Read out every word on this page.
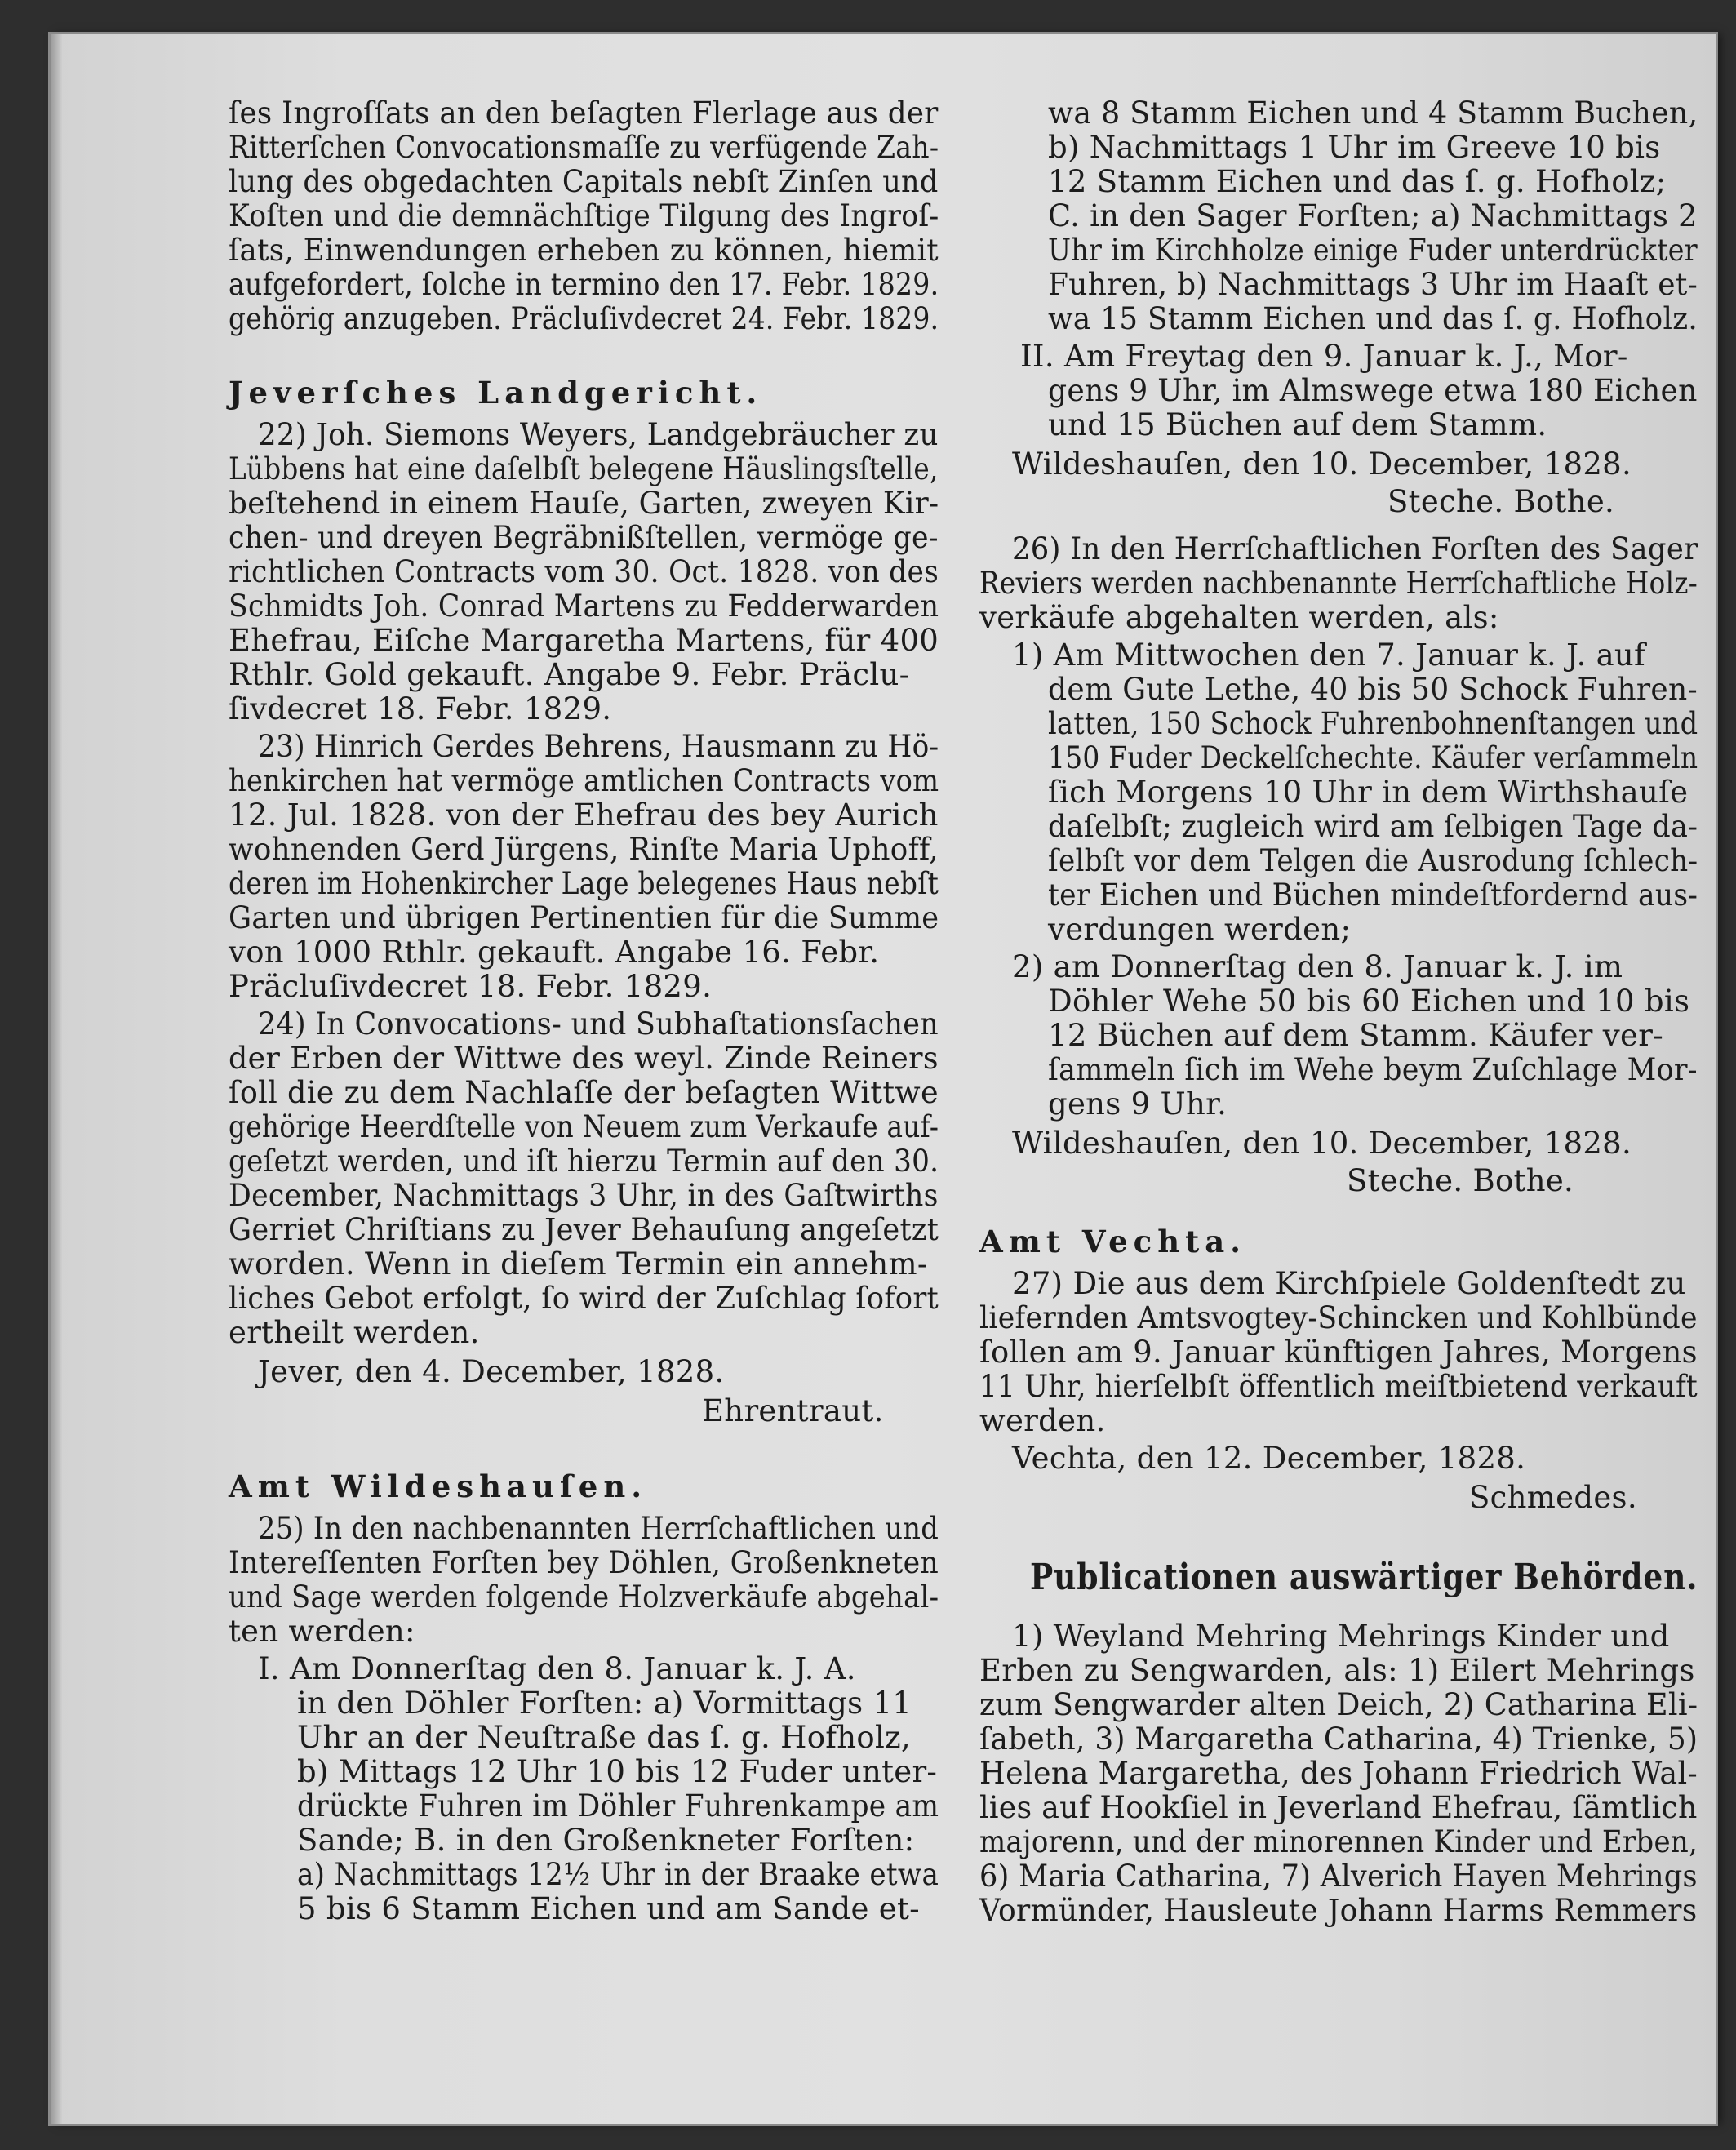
ſes Ingroſſats an den beſagten Flerlage aus der
Ritterſchen Convocationsmaſſe zu verfügende Zah-
lung des obgedachten Capitals nebſt Zinſen und
Koſten und die demnächſtige Tilgung des Ingroſ-
ſats, Einwendungen erheben zu können, hiemit
aufgefordert, ſolche in termino den 17. Febr. 1829.
gehörig anzugeben. Präcluſivdecret 24. Febr. 1829.
Jeverſches Landgericht.
22) Joh. Siemons Weyers, Landgebräucher zu
Lübbens hat eine daſelbſt belegene Häuslingsſtelle,
beſtehend in einem Hauſe, Garten, zweyen Kir-
chen- und dreyen Begräbnißſtellen, vermöge ge-
richtlichen Contracts vom 30. Oct. 1828. von des
Schmidts Joh. Conrad Martens zu Fedderwarden
Ehefrau, Eiſche Margaretha Martens, für 400
Rthlr. Gold gekauft. Angabe 9. Febr. Präclu-
ſivdecret 18. Febr. 1829.
23) Hinrich Gerdes Behrens, Hausmann zu Hö-
henkirchen hat vermöge amtlichen Contracts vom
12. Jul. 1828. von der Ehefrau des bey Aurich
wohnenden Gerd Jürgens, Rinſte Maria Uphoff,
deren im Hohenkircher Lage belegenes Haus nebſt
Garten und übrigen Pertinentien für die Summe
von 1000 Rthlr. gekauft. Angabe 16. Febr.
Präcluſivdecret 18. Febr. 1829.
24) In Convocations- und Subhaſtationsſachen
der Erben der Wittwe des weyl. Zinde Reiners
ſoll die zu dem Nachlaſſe der beſagten Wittwe
gehörige Heerdſtelle von Neuem zum Verkaufe auf-
geſetzt werden, und iſt hierzu Termin auf den 30.
December, Nachmittags 3 Uhr, in des Gaſtwirths
Gerriet Chriſtians zu Jever Behauſung angeſetzt
worden. Wenn in dieſem Termin ein annehm-
liches Gebot erfolgt, ſo wird der Zuſchlag ſofort
ertheilt werden.
Jever, den 4. December, 1828.
Ehrentraut.
Amt Wildeshauſen.
25) In den nachbenannten Herrſchaftlichen und
Intereſſenten Forſten bey Döhlen, Großenkneten
und Sage werden folgende Holzverkäufe abgehal-
ten werden:
I. Am Donnerſtag den 8. Januar k. J. A.
in den Döhler Forſten: a) Vormittags 11
Uhr an der Neuſtraße das ſ. g. Hofholz,
b) Mittags 12 Uhr 10 bis 12 Fuder unter-
drückte Fuhren im Döhler Fuhrenkampe am
Sande; B. in den Großenkneter Forſten:
a) Nachmittags 12½ Uhr in der Braake etwa
5 bis 6 Stamm Eichen und am Sande et-
wa 8 Stamm Eichen und 4 Stamm Buchen,
b) Nachmittags 1 Uhr im Greeve 10 bis
12 Stamm Eichen und das ſ. g. Hofholz;
C. in den Sager Forſten; a) Nachmittags 2
Uhr im Kirchholze einige Fuder unterdrückter
Fuhren, b) Nachmittags 3 Uhr im Haaſt et-
wa 15 Stamm Eichen und das ſ. g. Hofholz.
II. Am Freytag den 9. Januar k. J., Mor-
gens 9 Uhr, im Almswege etwa 180 Eichen
und 15 Büchen auf dem Stamm.
Wildeshauſen, den 10. December, 1828.
Steche. Bothe.
26) In den Herrſchaftlichen Forſten des Sager
Reviers werden nachbenannte Herrſchaftliche Holz-
verkäufe abgehalten werden, als:
1) Am Mittwochen den 7. Januar k. J. auf
dem Gute Lethe, 40 bis 50 Schock Fuhren-
latten, 150 Schock Fuhrenbohnenſtangen und
150 Fuder Deckelſchechte. Käufer verſammeln
ſich Morgens 10 Uhr in dem Wirthshauſe
daſelbſt; zugleich wird am ſelbigen Tage da-
ſelbſt vor dem Telgen die Ausrodung ſchlech-
ter Eichen und Büchen mindeſtfordernd aus-
verdungen werden;
2) am Donnerſtag den 8. Januar k. J. im
Döhler Wehe 50 bis 60 Eichen und 10 bis
12 Büchen auf dem Stamm. Käufer ver-
ſammeln ſich im Wehe beym Zuſchlage Mor-
gens 9 Uhr.
Wildeshauſen, den 10. December, 1828.
Steche. Bothe.
Amt Vechta.
27) Die aus dem Kirchſpiele Goldenſtedt zu
liefernden Amtsvogtey-Schincken und Kohlbünde
ſollen am 9. Januar künftigen Jahres, Morgens
11 Uhr, hierſelbſt öffentlich meiſtbietend verkauft
werden.
Vechta, den 12. December, 1828.
Schmedes.
Publicationen auswärtiger Behörden.
1) Weyland Mehring Mehrings Kinder und
Erben zu Sengwarden, als: 1) Eilert Mehrings
zum Sengwarder alten Deich, 2) Catharina Eli-
ſabeth, 3) Margaretha Catharina, 4) Trienke, 5)
Helena Margaretha, des Johann Friedrich Wal-
lies auf Hookſiel in Jeverland Ehefrau, ſämtlich
majorenn, und der minorennen Kinder und Erben,
6) Maria Catharina, 7) Alverich Hayen Mehrings
Vormünder, Hausleute Johann Harms Remmers
